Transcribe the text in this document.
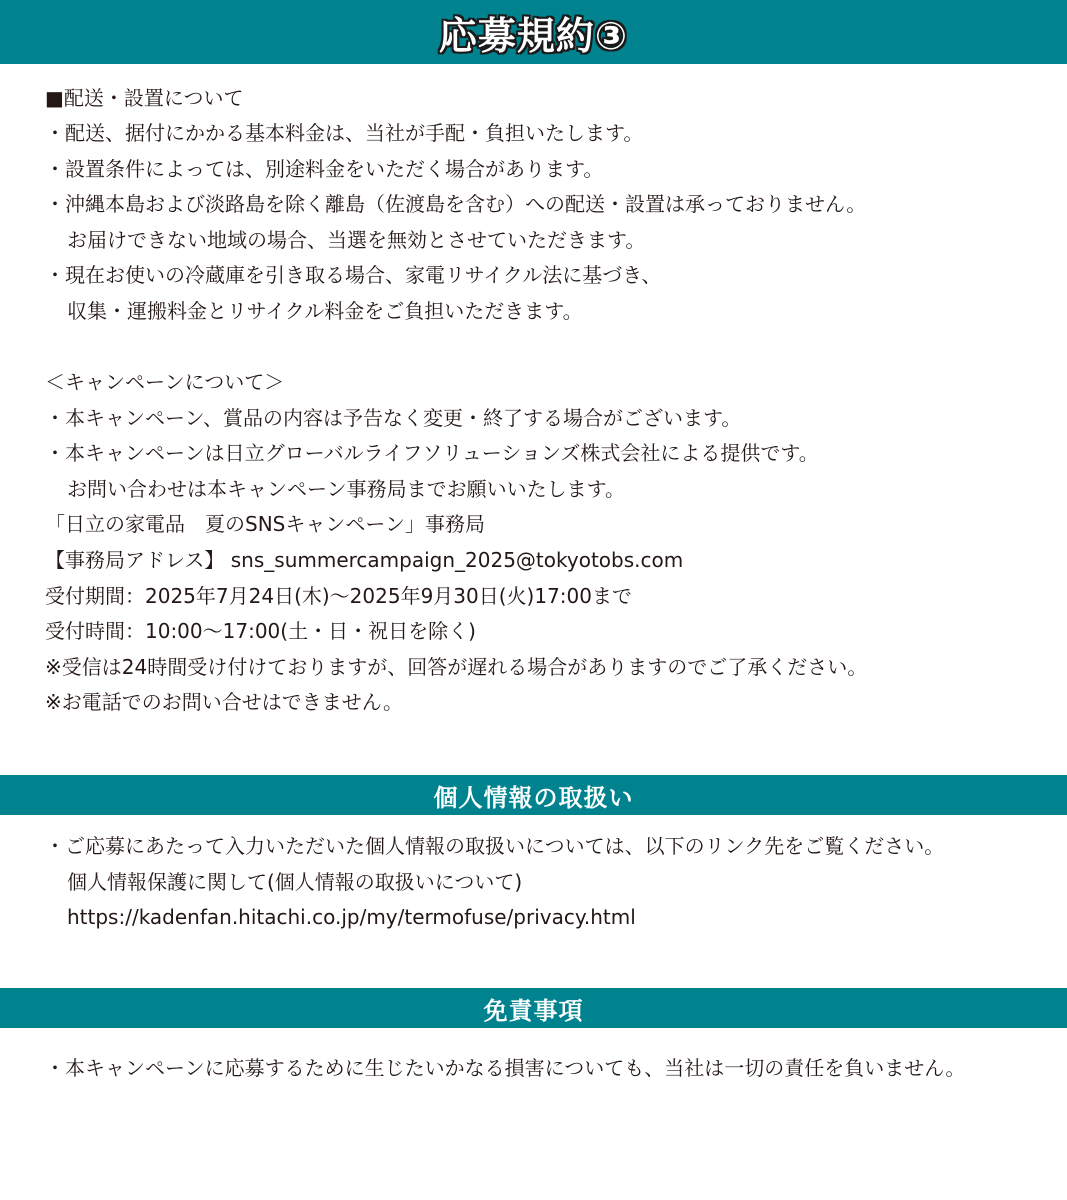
応募規約③
■配送・設置について
・配送、据付にかかる基本料金は、当社が手配・負担いたします。
・設置条件によっては、別途料金をいただく場合があります。
・沖縄本島および淡路島を除く離島（佐渡島を含む）への配送・設置は承っておりません。
お届けできない地域の場合、当選を無効とさせていただきます。
・現在お使いの冷蔵庫を引き取る場合、家電リサイクル法に基づき、
収集・運搬料金とリサイクル料金をご負担いただきます。
＜キャンペーンについて＞
・本キャンペーン、賞品の内容は予告なく変更・終了する場合がございます。
・本キャンペーンは日立グローバルライフソリューションズ株式会社による提供です。
お問い合わせは本キャンペーン事務局までお願いいたします。
「日立の家電品　夏のSNSキャンペーン」事務局
【事務局アドレス】 sns_summercampaign_2025@tokyotobs.com
受付期間：2025年7月24日(木)～2025年9月30日(火)17:00まで
受付時間：10:00～17:00(土・日・祝日を除く)
※受信は24時間受け付けておりますが、回答が遅れる場合がありますのでご了承ください。
※お電話でのお問い合せはできません。
個人情報の取扱い
・ご応募にあたって入力いただいた個人情報の取扱いについては、以下のリンク先をご覧ください。
個人情報保護に関して(個人情報の取扱いについて)
https://kadenfan.hitachi.co.jp/my/termofuse/privacy.html
免責事項
・本キャンペーンに応募するために生じたいかなる損害についても、当社は一切の責任を負いません。
